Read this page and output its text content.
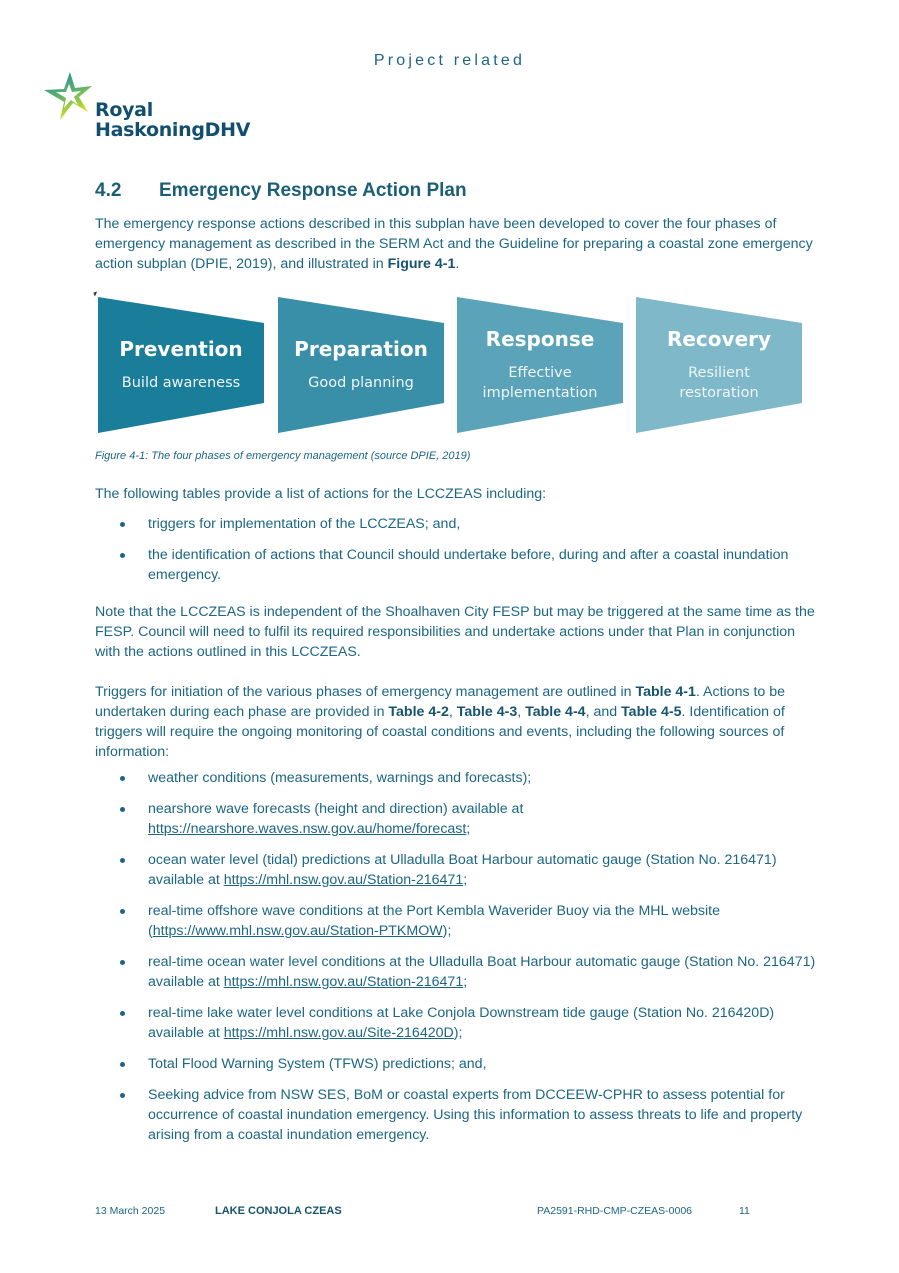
Project related
Royal
HaskoningDHV
4.2 Emergency Response Action Plan
The emergency response actions described in this subplan have been developed to cover the four phases of emergency management as described in the SERM Act and the Guideline for preparing a coastal zone emergency action subplan (DPIE, 2019), and illustrated in Figure 4-1.
Prevention
Build awareness
Preparation
Good planning
Response
Effective
implementation
Recovery
Resilient
restoration
Figure 4-1: The four phases of emergency management (source DPIE, 2019)
The following tables provide a list of actions for the LCCZEAS including:
triggers for implementation of the LCCZEAS; and,
the identification of actions that Council should undertake before, during and after a coastal inundation emergency.
Note that the LCCZEAS is independent of the Shoalhaven City FESP but may be triggered at the same time as the FESP. Council will need to fulfil its required responsibilities and undertake actions under that Plan in conjunction with the actions outlined in this LCCZEAS.
Triggers for initiation of the various phases of emergency management are outlined in Table 4-1. Actions to be undertaken during each phase are provided in Table 4-2, Table 4-3, Table 4-4, and Table 4-5. Identification of triggers will require the ongoing monitoring of coastal conditions and events, including the following sources of information:
weather conditions (measurements, warnings and forecasts);
nearshore wave forecasts (height and direction) available at
https://nearshore.waves.nsw.gov.au/home/forecast;
ocean water level (tidal) predictions at Ulladulla Boat Harbour automatic gauge (Station No. 216471) available at https://mhl.nsw.gov.au/Station-216471;
real-time offshore wave conditions at the Port Kembla Waverider Buoy via the MHL website (https://www.mhl.nsw.gov.au/Station-PTKMOW);
real-time ocean water level conditions at the Ulladulla Boat Harbour automatic gauge (Station No. 216471) available at https://mhl.nsw.gov.au/Station-216471;
real-time lake water level conditions at Lake Conjola Downstream tide gauge (Station No. 216420D) available at https://mhl.nsw.gov.au/Site-216420D);
Total Flood Warning System (TFWS) predictions; and,
Seeking advice from NSW SES, BoM or coastal experts from DCCEEW-CPHR to assess potential for occurrence of coastal inundation emergency. Using this information to assess threats to life and property arising from a coastal inundation emergency.
13 March 2025	LAKE CONJOLA CZEAS	PA2591-RHD-CMP-CZEAS-0006	11
